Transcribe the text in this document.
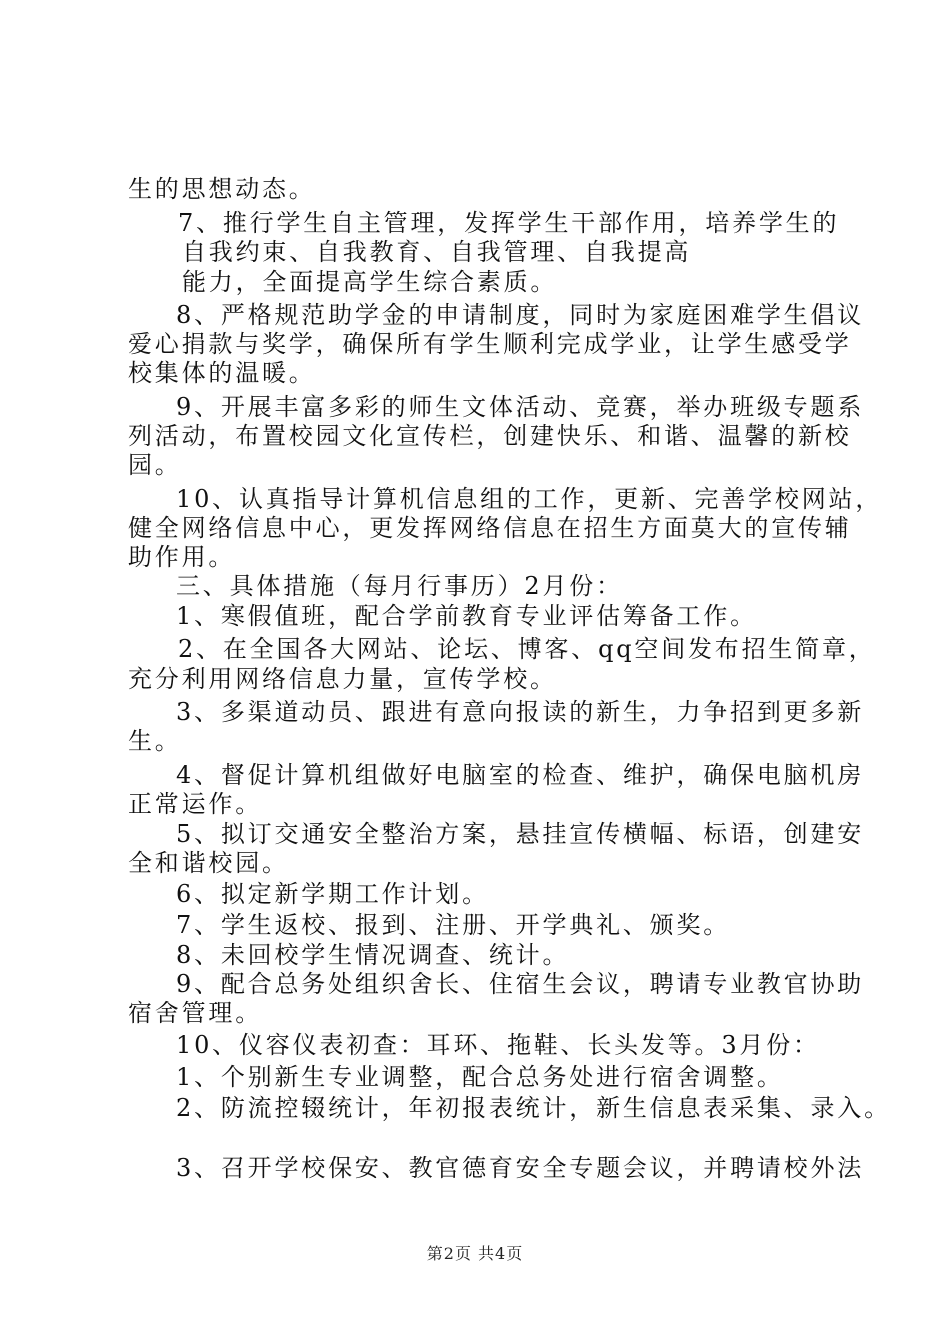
生的思想动态。

7、推行学生自主管理，发挥学生干部作用，培养学生的

自我约束、自我教育、自我管理、自我提高

能力，全面提高学生综合素质。

8、严格规范助学金的申请制度，同时为家庭困难学生倡议

爱心捐款与奖学，确保所有学生顺利完成学业，让学生感受学

校集体的温暖。

9、开展丰富多彩的师生文体活动、竞赛，举办班级专题系

列活动，布置校园文化宣传栏，创建快乐、和谐、温馨的新校

园。

10、认真指导计算机信息组的工作，更新、完善学校网站，

健全网络信息中心，更发挥网络信息在招生方面莫大的宣传辅

助作用。

三、具体措施（每月行事历）2月份：

1、寒假值班，配合学前教育专业评估筹备工作。

2、在全国各大网站、论坛、博客、qq空间发布招生简章，

充分利用网络信息力量，宣传学校。

3、多渠道动员、跟进有意向报读的新生，力争招到更多新

生。

4、督促计算机组做好电脑室的检查、维护，确保电脑机房

正常运作。

5、拟订交通安全整治方案，悬挂宣传横幅、标语，创建安

全和谐校园。

6、拟定新学期工作计划。

7、学生返校、报到、注册、开学典礼、颁奖。

8、未回校学生情况调查、统计。

9、配合总务处组织舍长、住宿生会议，聘请专业教官协助

宿舍管理。

10、仪容仪表初查：耳环、拖鞋、长头发等。3月份：

1、个别新生专业调整，配合总务处进行宿舍调整。

2、防流控辍统计，年初报表统计，新生信息表采集、录入。

3、召开学校保安、教官德育安全专题会议，并聘请校外法

第2页 共4页
